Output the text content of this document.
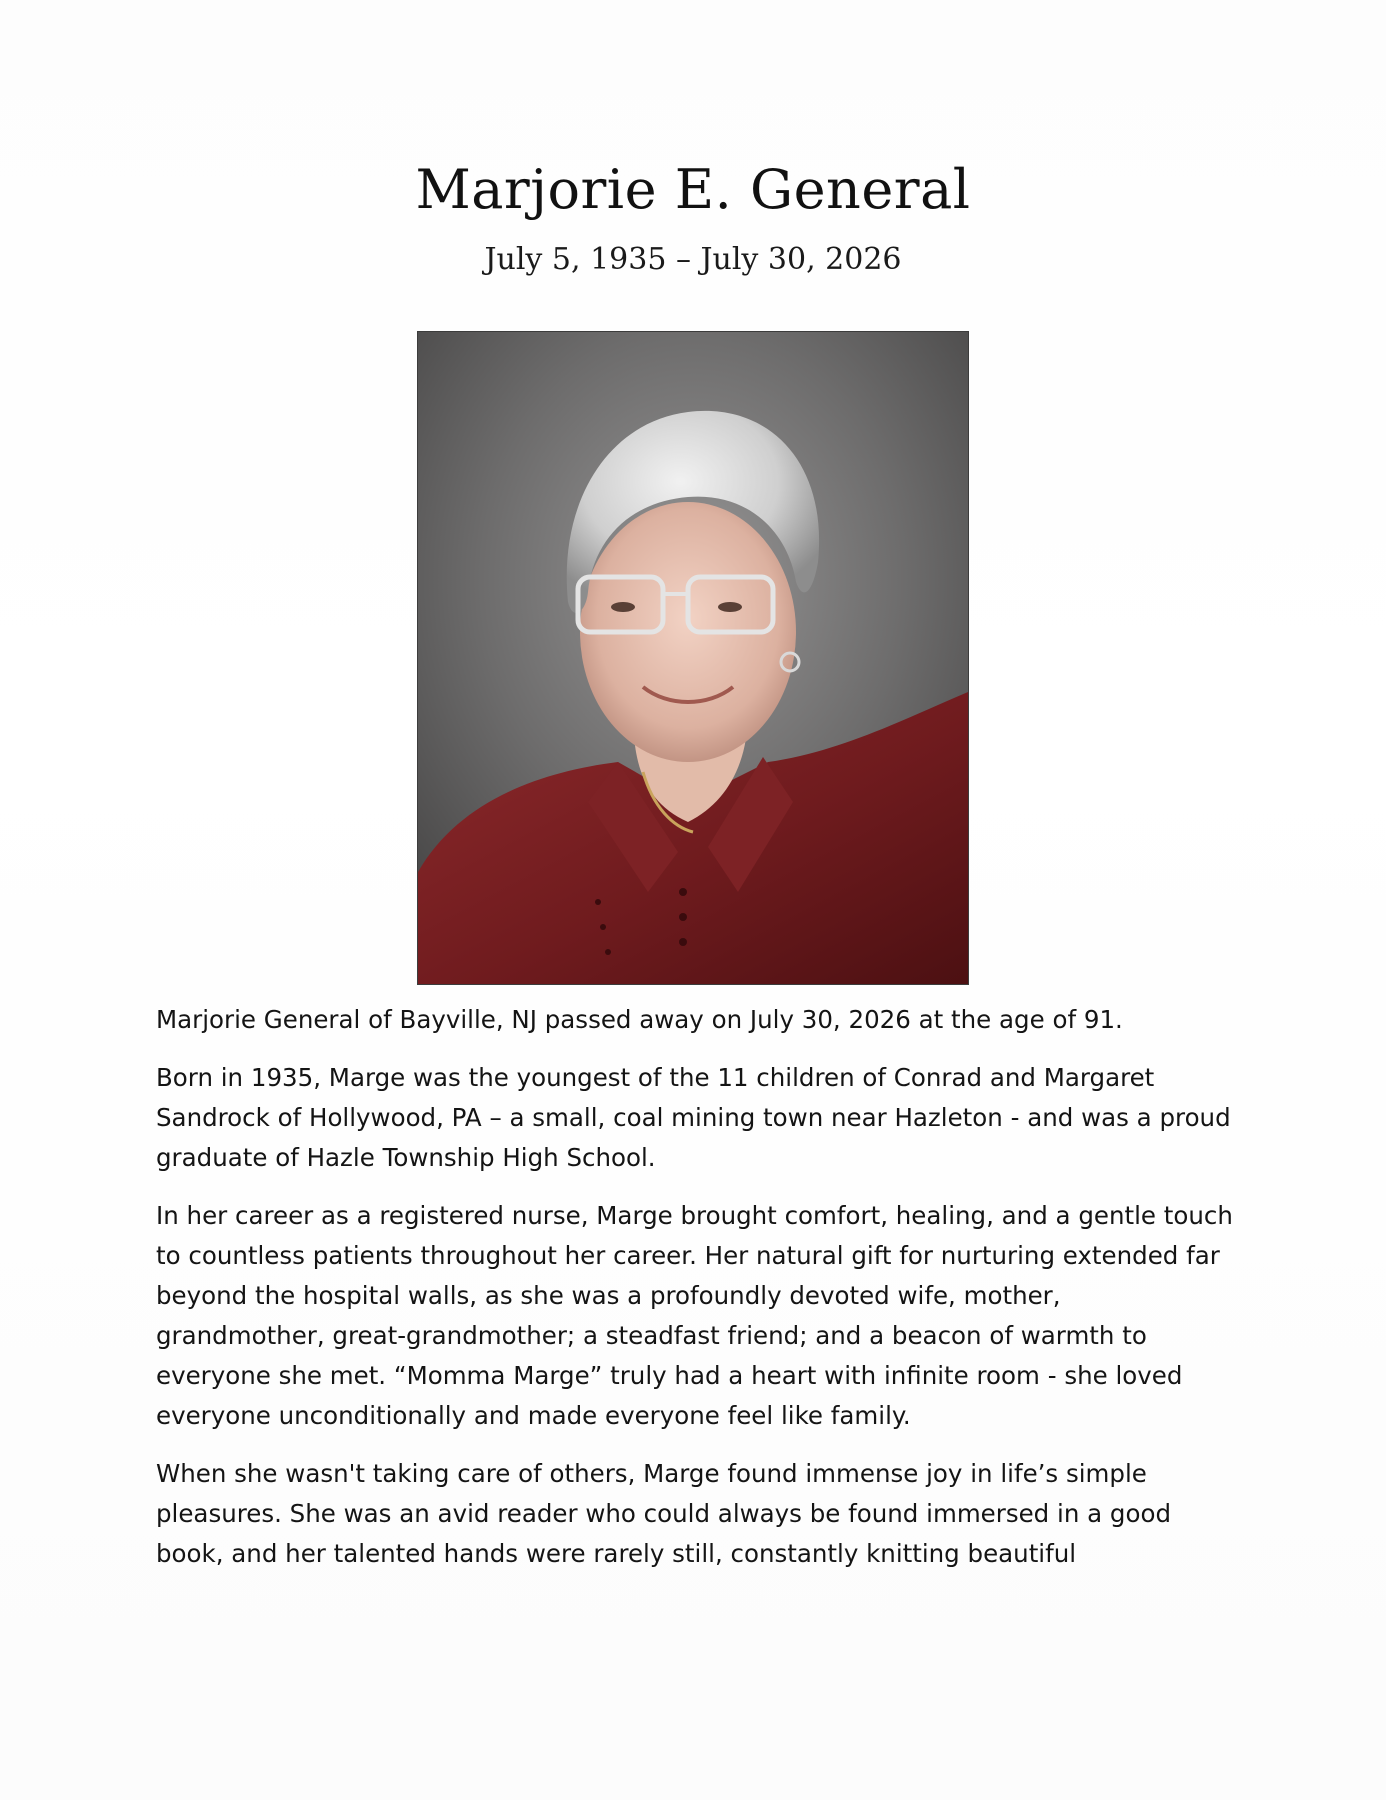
Marjorie E. General
July 5, 1935 – July 30, 2026

Marjorie General of Bayville, NJ passed away on July 30, 2026 at the age of 91.

Born in 1935, Marge was the youngest of the 11 children of Conrad and Margaret Sandrock of Hollywood, PA – a small, coal mining town near Hazleton - and was a proud graduate of Hazle Township High School.

In her career as a registered nurse, Marge brought comfort, healing, and a gentle touch to countless patients throughout her career. Her natural gift for nurturing extended far beyond the hospital walls, as she was a profoundly devoted wife, mother, grandmother, great-grandmother; a steadfast friend; and a beacon of warmth to everyone she met. “Momma Marge” truly had a heart with infinite room - she loved everyone unconditionally and made everyone feel like family.

When she wasn't taking care of others, Marge found immense joy in life’s simple pleasures. She was an avid reader who could always be found immersed in a good book, and her talented hands were rarely still, constantly knitting beautiful
